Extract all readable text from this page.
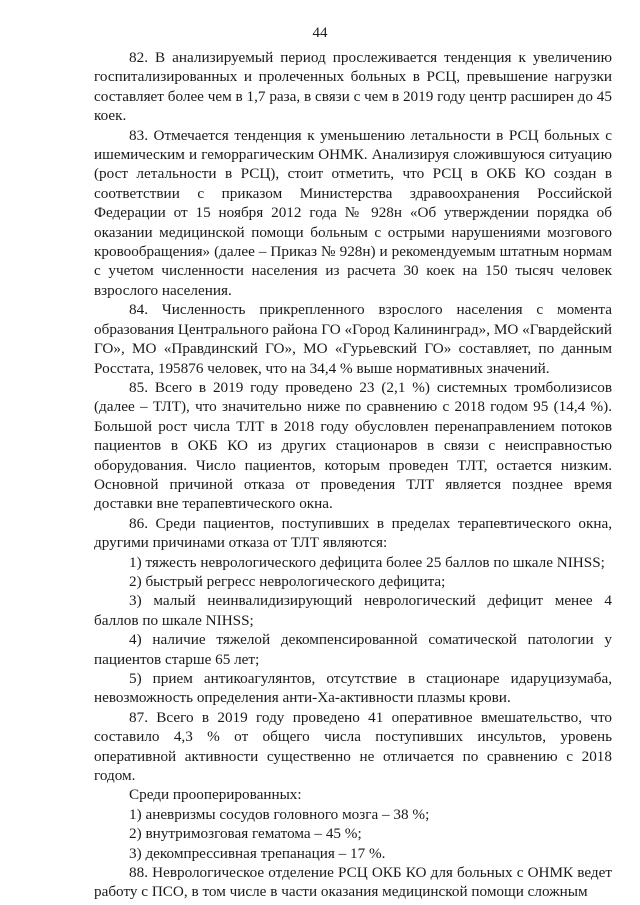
44

82. В анализируемый период прослеживается тенденция к увеличению госпитализированных и пролеченных больных в РСЦ, превышение нагрузки составляет более чем в 1,7 раза, в связи с чем в 2019 году центр расширен до 45 коек.

83. Отмечается тенденция к уменьшению летальности в РСЦ больных с ишемическим и геморрагическим ОНМК. Анализируя сложившуюся ситуацию (рост летальности в РСЦ), стоит отметить, что РСЦ в ОКБ КО создан в соответствии с приказом Министерства здравоохранения Российской Федерации от 15 ноября 2012 года № 928н «Об утверждении порядка об оказании медицинской помощи больным с острыми нарушениями мозгового кровообращения» (далее – Приказ № 928н) и рекомендуемым штатным нормам с учетом численности населения из расчета 30 коек на 150 тысяч человек взрослого населения.

84. Численность прикрепленного взрослого населения с момента образования Центрального района ГО «Город Калининград», МО «Гвардейский ГО», МО «Правдинский ГО», МО «Гурьевский ГО» составляет, по данным Росстата, 195876 человек, что на 34,4 % выше нормативных значений.

85. Всего в 2019 году проведено 23 (2,1 %) системных тромболизисов (далее – ТЛТ), что значительно ниже по сравнению с 2018 годом 95 (14,4 %). Большой рост числа ТЛТ в 2018 году обусловлен перенаправлением потоков пациентов в ОКБ КО из других стационаров в связи с неисправностью оборудования. Число пациентов, которым проведен ТЛТ, остается низким. Основной причиной отказа от проведения ТЛТ является позднее время доставки вне терапевтического окна.

86. Среди пациентов, поступивших в пределах терапевтического окна, другими причинами отказа от ТЛТ являются:

1) тяжесть неврологического дефицита более 25 баллов по шкале NIHSS;

2) быстрый регресс неврологического дефицита;

3) малый неинвалидизирующий неврологический дефицит менее 4 баллов по шкале NIHSS;

4) наличие тяжелой декомпенсированной соматической патологии у пациентов старше 65 лет;

5) прием антикоагулянтов, отсутствие в стационаре идаруцизумаба, невозможность определения анти-Ха-активности плазмы крови.

87. Всего в 2019 году проведено 41 оперативное вмешательство, что составило 4,3 % от общего числа поступивших инсультов, уровень оперативной активности существенно не отличается по сравнению с 2018 годом.

Среди прооперированных:

1) аневризмы сосудов головного мозга – 38 %;

2) внутримозговая гематома – 45 %;

3) декомпрессивная трепанация – 17 %.

88. Неврологическое отделение РСЦ ОКБ КО для больных с ОНМК ведет работу с ПСО, в том числе в части оказания медицинской помощи сложным
